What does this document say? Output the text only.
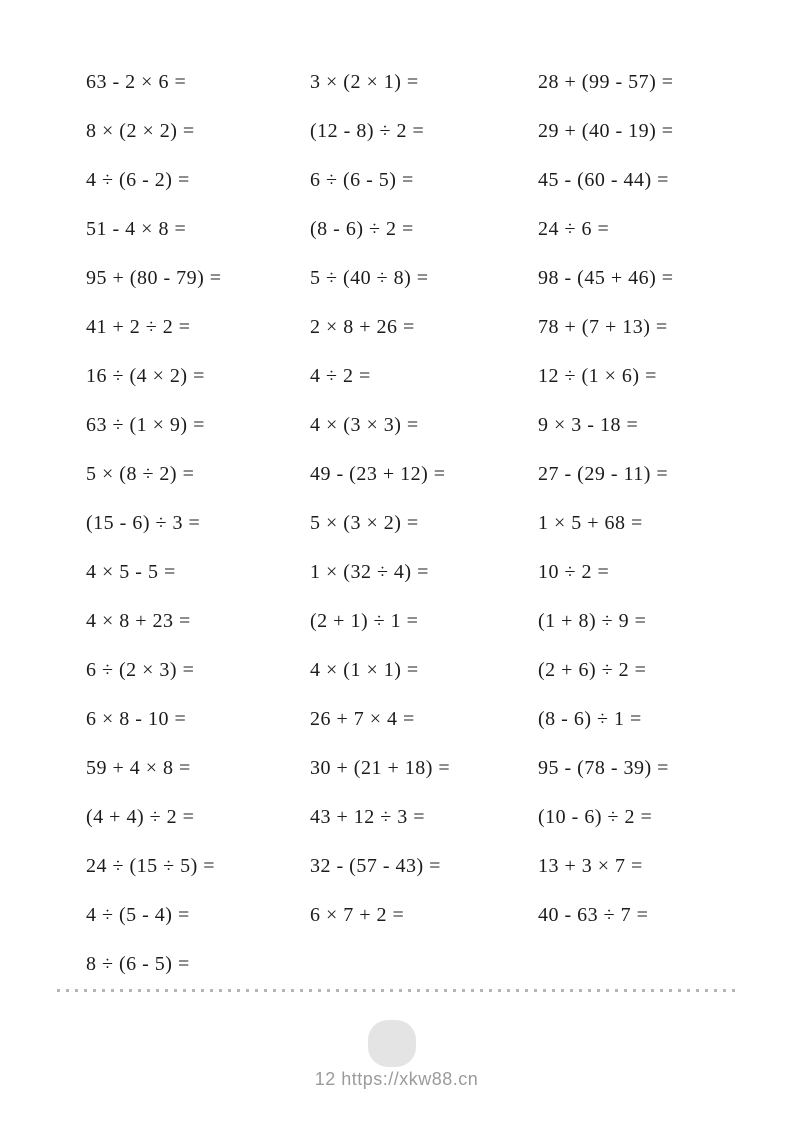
63 - 2 × 6 =	3 × (2 × 1) =	28 + (99 - 57) =
8 × (2 × 2) =	(12 - 8) ÷ 2 =	29 + (40 - 19) =
4 ÷ (6 - 2) =	6 ÷ (6 - 5) =	45 - (60 - 44) =
51 - 4 × 8 =	(8 - 6) ÷ 2 =	24 ÷ 6 =
95 + (80 - 79) =	5 ÷ (40 ÷ 8) =	98 - (45 + 46) =
41 + 2 ÷ 2 =	2 × 8 + 26 =	78 + (7 + 13) =
16 ÷ (4 × 2) =	4 ÷ 2 =	12 ÷ (1 × 6) =
63 ÷ (1 × 9) =	4 × (3 × 3) =	9 × 3 - 18 =
5 × (8 ÷ 2) =	49 - (23 + 12) =	27 - (29 - 11) =
(15 - 6) ÷ 3 =	5 × (3 × 2) =	1 × 5 + 68 =
4 × 5 - 5 =	1 × (32 ÷ 4) =	10 ÷ 2 =
4 × 8 + 23 =	(2 + 1) ÷ 1 =	(1 + 8) ÷ 9 =
6 ÷ (2 × 3) =	4 × (1 × 1) =	(2 + 6) ÷ 2 =
6 × 8 - 10 =	26 + 7 × 4 =	(8 - 6) ÷ 1 =
59 + 4 × 8 =	30 + (21 + 18) =	95 - (78 - 39) =
(4 + 4) ÷ 2 =	43 + 12 ÷ 3 =	(10 - 6) ÷ 2 =
24 ÷ (15 ÷ 5) =	32 - (57 - 43) =	13 + 3 × 7 =
4 ÷ (5 - 4) =	6 × 7 + 2 =	40 - 63 ÷ 7 =
8 ÷ (6 - 5) =
12 https://xkw88.cn
